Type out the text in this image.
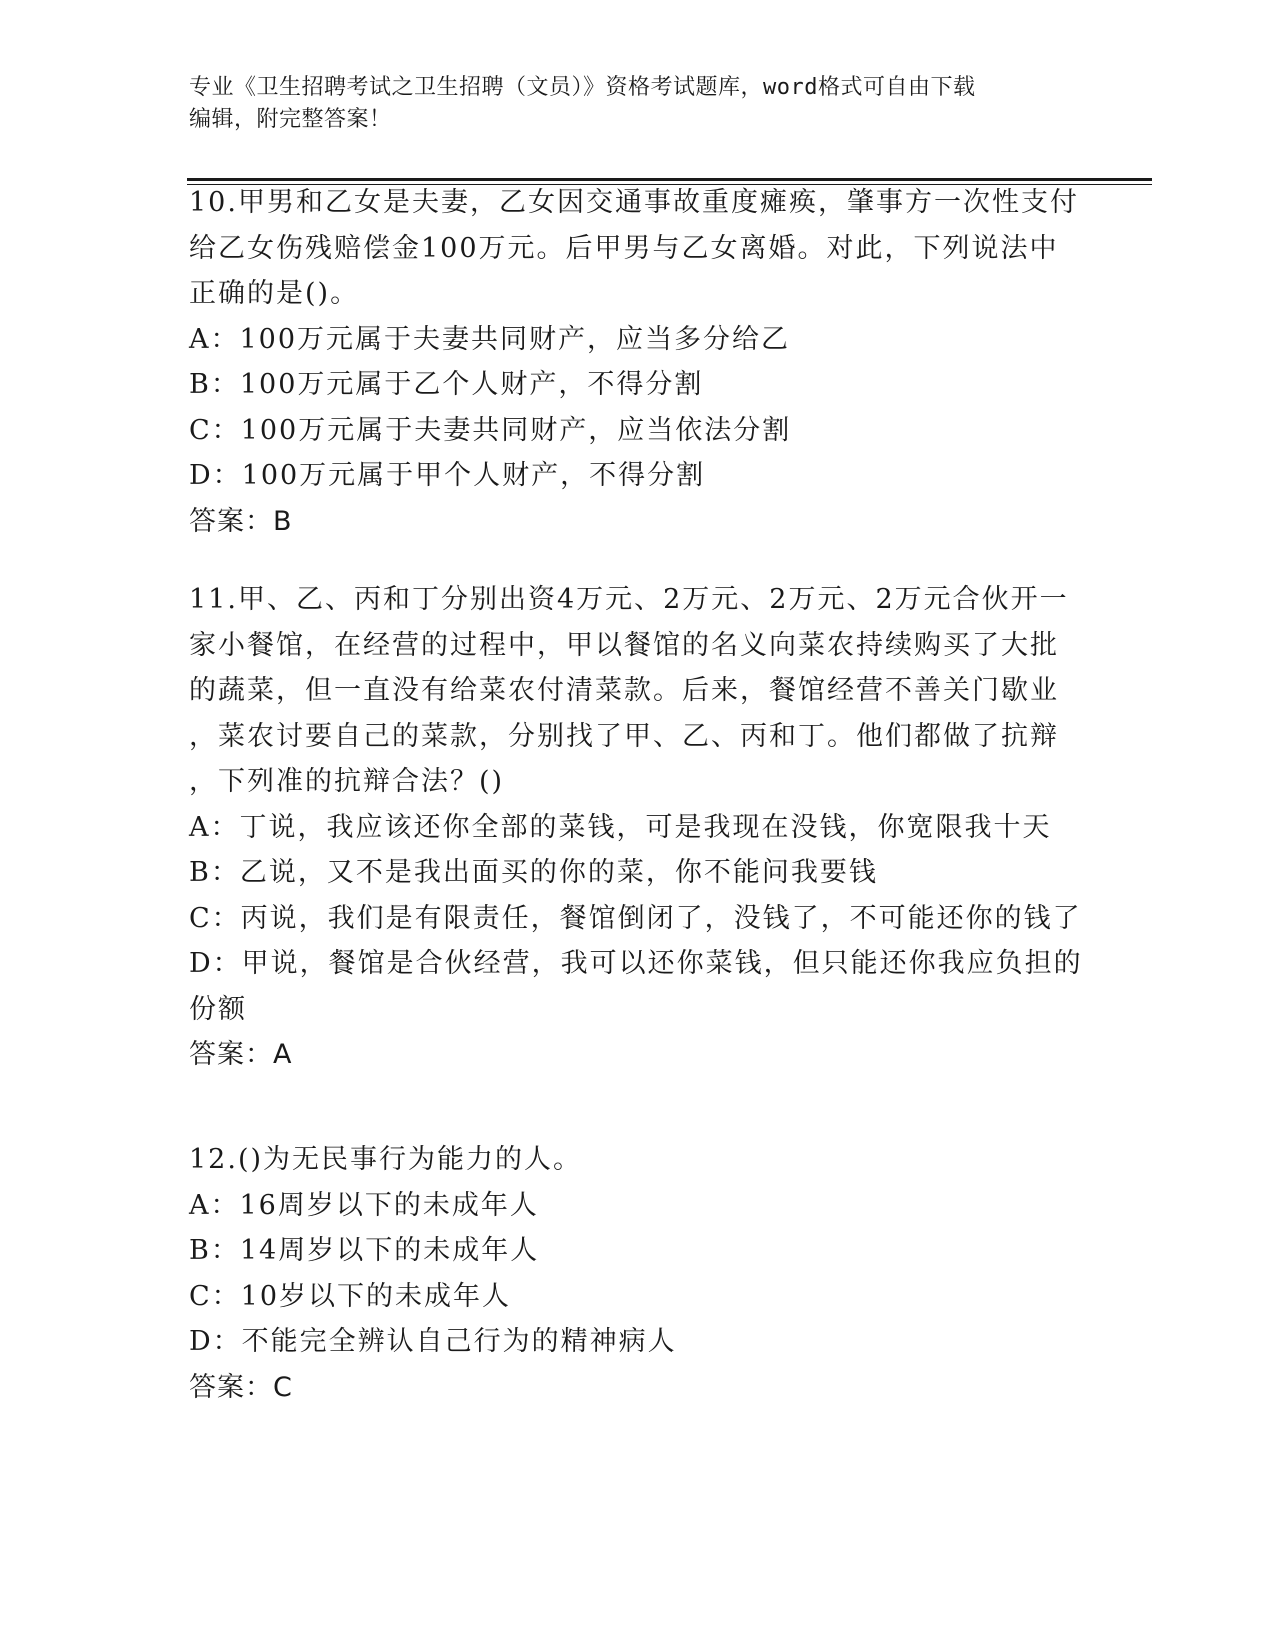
专业《卫生招聘考试之卫生招聘（文员）》资格考试题库，word格式可自由下载
编辑，附完整答案！
10.甲男和乙女是夫妻，乙女因交通事故重度瘫痪，肇事方一次性支付
给乙女伤残赔偿金100万元。后甲男与乙女离婚。对此，下列说法中
正确的是()。
A：100万元属于夫妻共同财产，应当多分给乙
B：100万元属于乙个人财产，不得分割
C：100万元属于夫妻共同财产，应当依法分割
D：100万元属于甲个人财产，不得分割
答案：B
11.甲、乙、丙和丁分别出资4万元、2万元、2万元、2万元合伙开一
家小餐馆，在经营的过程中，甲以餐馆的名义向菜农持续购买了大批
的蔬菜，但一直没有给菜农付清菜款。后来，餐馆经营不善关门歇业
，菜农讨要自己的菜款，分别找了甲、乙、丙和丁。他们都做了抗辩
，下列准的抗辩合法？()
A：丁说，我应该还你全部的菜钱，可是我现在没钱，你宽限我十天
B：乙说，又不是我出面买的你的菜，你不能问我要钱
C：丙说，我们是有限责任，餐馆倒闭了，没钱了，不可能还你的钱了
D：甲说，餐馆是合伙经营，我可以还你菜钱，但只能还你我应负担的
份额
答案：A
12.()为无民事行为能力的人。
A：16周岁以下的未成年人
B：14周岁以下的未成年人
C：10岁以下的未成年人
D：不能完全辨认自己行为的精神病人
答案：C
